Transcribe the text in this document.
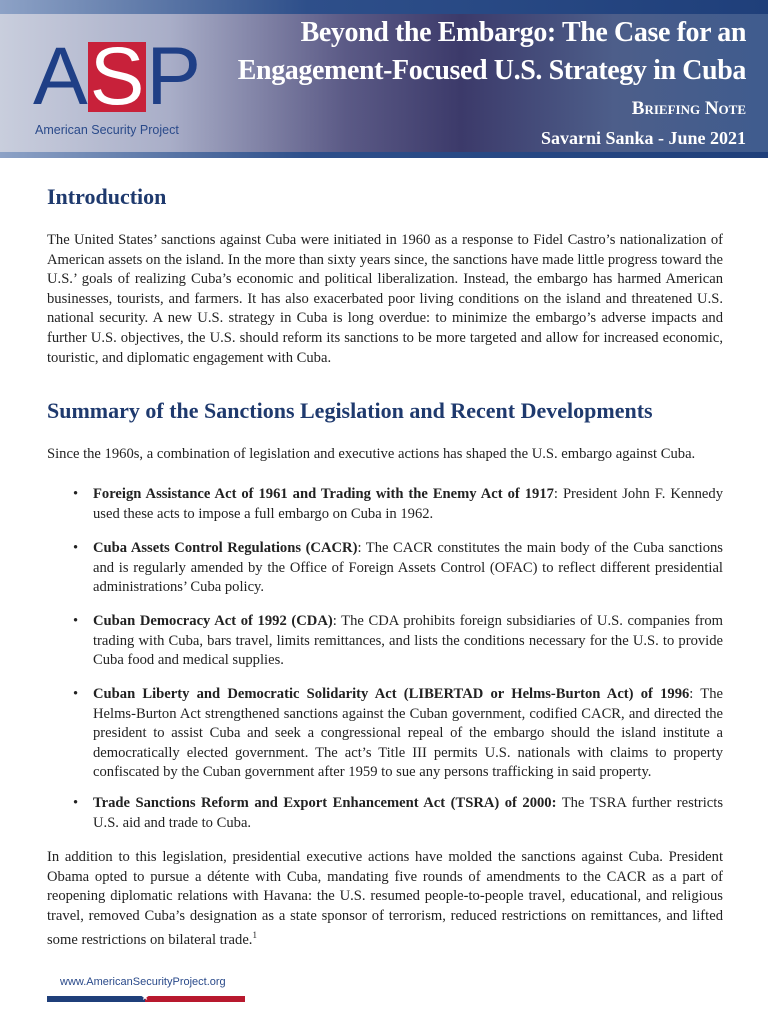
A S P
American Security Project
Beyond the Embargo: The Case for an
Engagement-Focused U.S. Strategy in Cuba
Briefing Note
Savarni Sanka - June 2021
Introduction
The United States’ sanctions against Cuba were initiated in 1960 as a response to Fidel Castro’s nationalization of American assets on the island. In the more than sixty years since, the sanctions have made little progress toward the U.S.’ goals of realizing Cuba’s economic and political liberalization. Instead, the embargo has harmed American businesses, tourists, and farmers. It has also exacerbated poor living conditions on the island and threatened U.S. national security. A new U.S. strategy in Cuba is long overdue: to minimize the embargo’s adverse impacts and further U.S. objectives, the U.S. should reform its sanctions to be more targeted and allow for increased economic, touristic, and diplomatic engagement with Cuba.
Summary of the Sanctions Legislation and Recent Developments
Since the 1960s, a combination of legislation and executive actions has shaped the U.S. embargo against Cuba.
• Foreign Assistance Act of 1961 and Trading with the Enemy Act of 1917: President John F. Kennedy used these acts to impose a full embargo on Cuba in 1962.
• Cuba Assets Control Regulations (CACR): The CACR constitutes the main body of the Cuba sanctions and is regularly amended by the Office of Foreign Assets Control (OFAC) to reflect different presidential administrations’ Cuba policy.
• Cuban Democracy Act of 1992 (CDA): The CDA prohibits foreign subsidiaries of U.S. companies from trading with Cuba, bars travel, limits remittances, and lists the conditions necessary for the U.S. to provide Cuba food and medical supplies.
• Cuban Liberty and Democratic Solidarity Act (LIBERTAD or Helms-Burton Act) of 1996: The Helms-Burton Act strengthened sanctions against the Cuban government, codified CACR, and directed the president to assist Cuba and seek a congressional repeal of the embargo should the island institute a democratically elected government. The act’s Title III permits U.S. nationals with claims to property confiscated by the Cuban government after 1959 to sue any persons trafficking in said property.
• Trade Sanctions Reform and Export Enhancement Act (TSRA) of 2000: The TSRA further restricts U.S. aid and trade to Cuba.
In addition to this legislation, presidential executive actions have molded the sanctions against Cuba. President Obama opted to pursue a détente with Cuba, mandating five rounds of amendments to the CACR as a part of reopening diplomatic relations with Havana: the U.S. resumed people-to-people travel, educational, and religious travel, removed Cuba’s designation as a state sponsor of terrorism, reduced restrictions on remittances, and lifted some restrictions on bilateral trade.$^1$
www.AmericanSecurityProject.org
★
